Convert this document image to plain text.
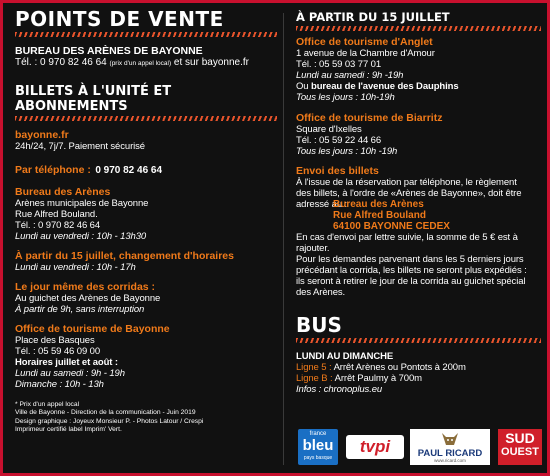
POINTS DE VENTE
BUREAU DES ARÈNES DE BAYONNE
Tél. : 0 970 82 46 64 (prix d'un appel local) et sur bayonne.fr
BILLETS À L'UNITÉ ET ABONNEMENTS
bayonne.fr
24h/24, 7j/7. Paiement sécurisé
Par téléphone : 0 970 82 46 64
Bureau des Arènes
Arènes municipales de Bayonne
Rue Alfred Bouland.
Tél. : 0 970 82 46 64
Lundi au vendredi : 10h - 13h30
À partir du 15 juillet, changement d'horaires
Lundi au vendredi : 10h - 17h
Le jour même des corridas :
Au guichet des Arènes de Bayonne
À partir de 9h, sans interruption
Office de tourisme de Bayonne
Place des Basques
Tél. : 05 59 46 09 00
Horaires juillet et août :
Lundi au samedi : 9h - 19h
Dimanche : 10h - 13h
* Prix d'un appel local
Ville de Bayonne - Direction de la communication - Juin 2019
Design graphique : Joyeux Monsieur P. - Photos Latour / Crespi
Imprimeur certifié label Imprim' Vert.
À PARTIR DU 15 JUILLET
Office de tourisme d'Anglet
1 avenue de la Chambre d'Amour
Tél. : 05 59 03 77 01
Lundi au samedi : 9h -19h
Ou bureau de l'avenue des Dauphins
Tous les jours : 10h-19h
Office de tourisme de Biarritz
Square d'Ixelles
Tél. : 05 59 22 44 66
Tous les jours : 10h -19h
Envoi des billets
À l'issue de la réservation par téléphone, le règlement
des billets, à l'ordre de «Arènes de Bayonne», doit être
adressé au :
Bureau des Arènes
Rue Alfred Bouland
64100 BAYONNE CEDEX
En cas d'envoi par lettre suivie, la somme de 5 € est à
rajouter.
Pour les demandes parvenant dans les 5 derniers jours
précédant la corrida, les billets ne seront plus expédiés :
ils seront à retirer le jour de la corrida au guichet spécial
des Arènes.
BUS
LUNDI AU DIMANCHE
Ligne 5 : Arrêt Arènes ou Pontots à 200m
Ligne B : Arrêt Paulmy à 700m
Infos : chronoplus.eu
france
bleu
pays basque
tvpi	PAUL RICARD
www.ricard.com
SUD
OUEST
